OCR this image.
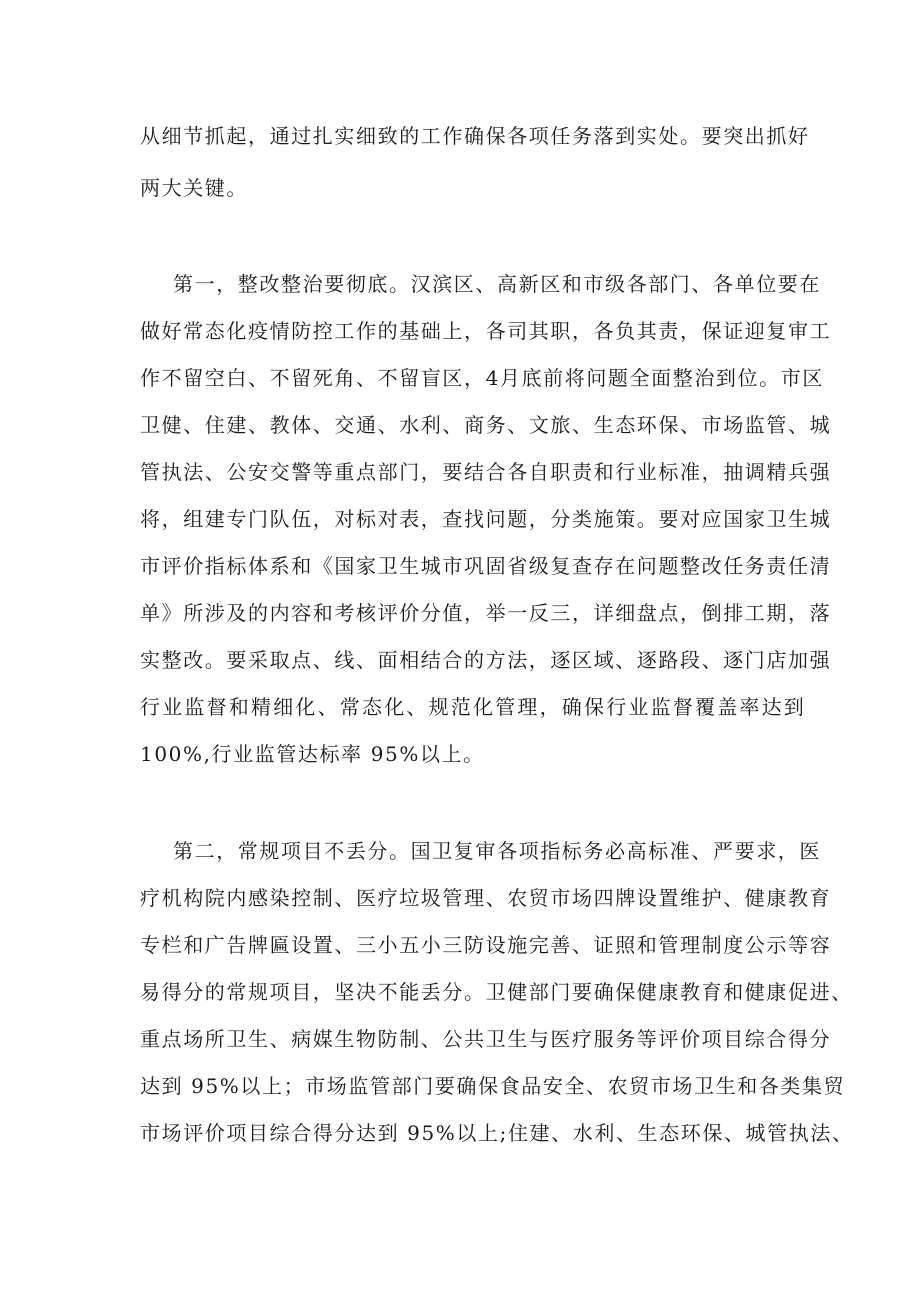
从细节抓起，通过扎实细致的工作确保各项任务落到实处。要突出抓好
两大关键。
第一，整改整治要彻底。汉滨区、高新区和市级各部门、各单位要在
做好常态化疫情防控工作的基础上，各司其职，各负其责，保证迎复审工
作不留空白、不留死角、不留盲区，4月底前将问题全面整治到位。市区
卫健、住建、教体、交通、水利、商务、文旅、生态环保、市场监管、城
管执法、公安交警等重点部门，要结合各自职责和行业标准，抽调精兵强
将，组建专门队伍，对标对表，查找问题，分类施策。要对应国家卫生城
市评价指标体系和《国家卫生城市巩固省级复查存在问题整改任务责任清
单》所涉及的内容和考核评价分值，举一反三，详细盘点，倒排工期，落
实整改。要采取点、线、面相结合的方法，逐区域、逐路段、逐门店加强
行业监督和精细化、常态化、规范化管理，确保行业监督覆盖率达到
100%,行业监管达标率 95%以上。
第二，常规项目不丢分。国卫复审各项指标务必高标准、严要求，医
疗机构院内感染控制、医疗垃圾管理、农贸市场四牌设置维护、健康教育
专栏和广告牌匾设置、三小五小三防设施完善、证照和管理制度公示等容
易得分的常规项目，坚决不能丢分。卫健部门要确保健康教育和健康促进、
重点场所卫生、病媒生物防制、公共卫生与医疗服务等评价项目综合得分
达到 95%以上；市场监管部门要确保食品安全、农贸市场卫生和各类集贸
市场评价项目综合得分达到 95%以上;住建、水利、生态环保、城管执法、
